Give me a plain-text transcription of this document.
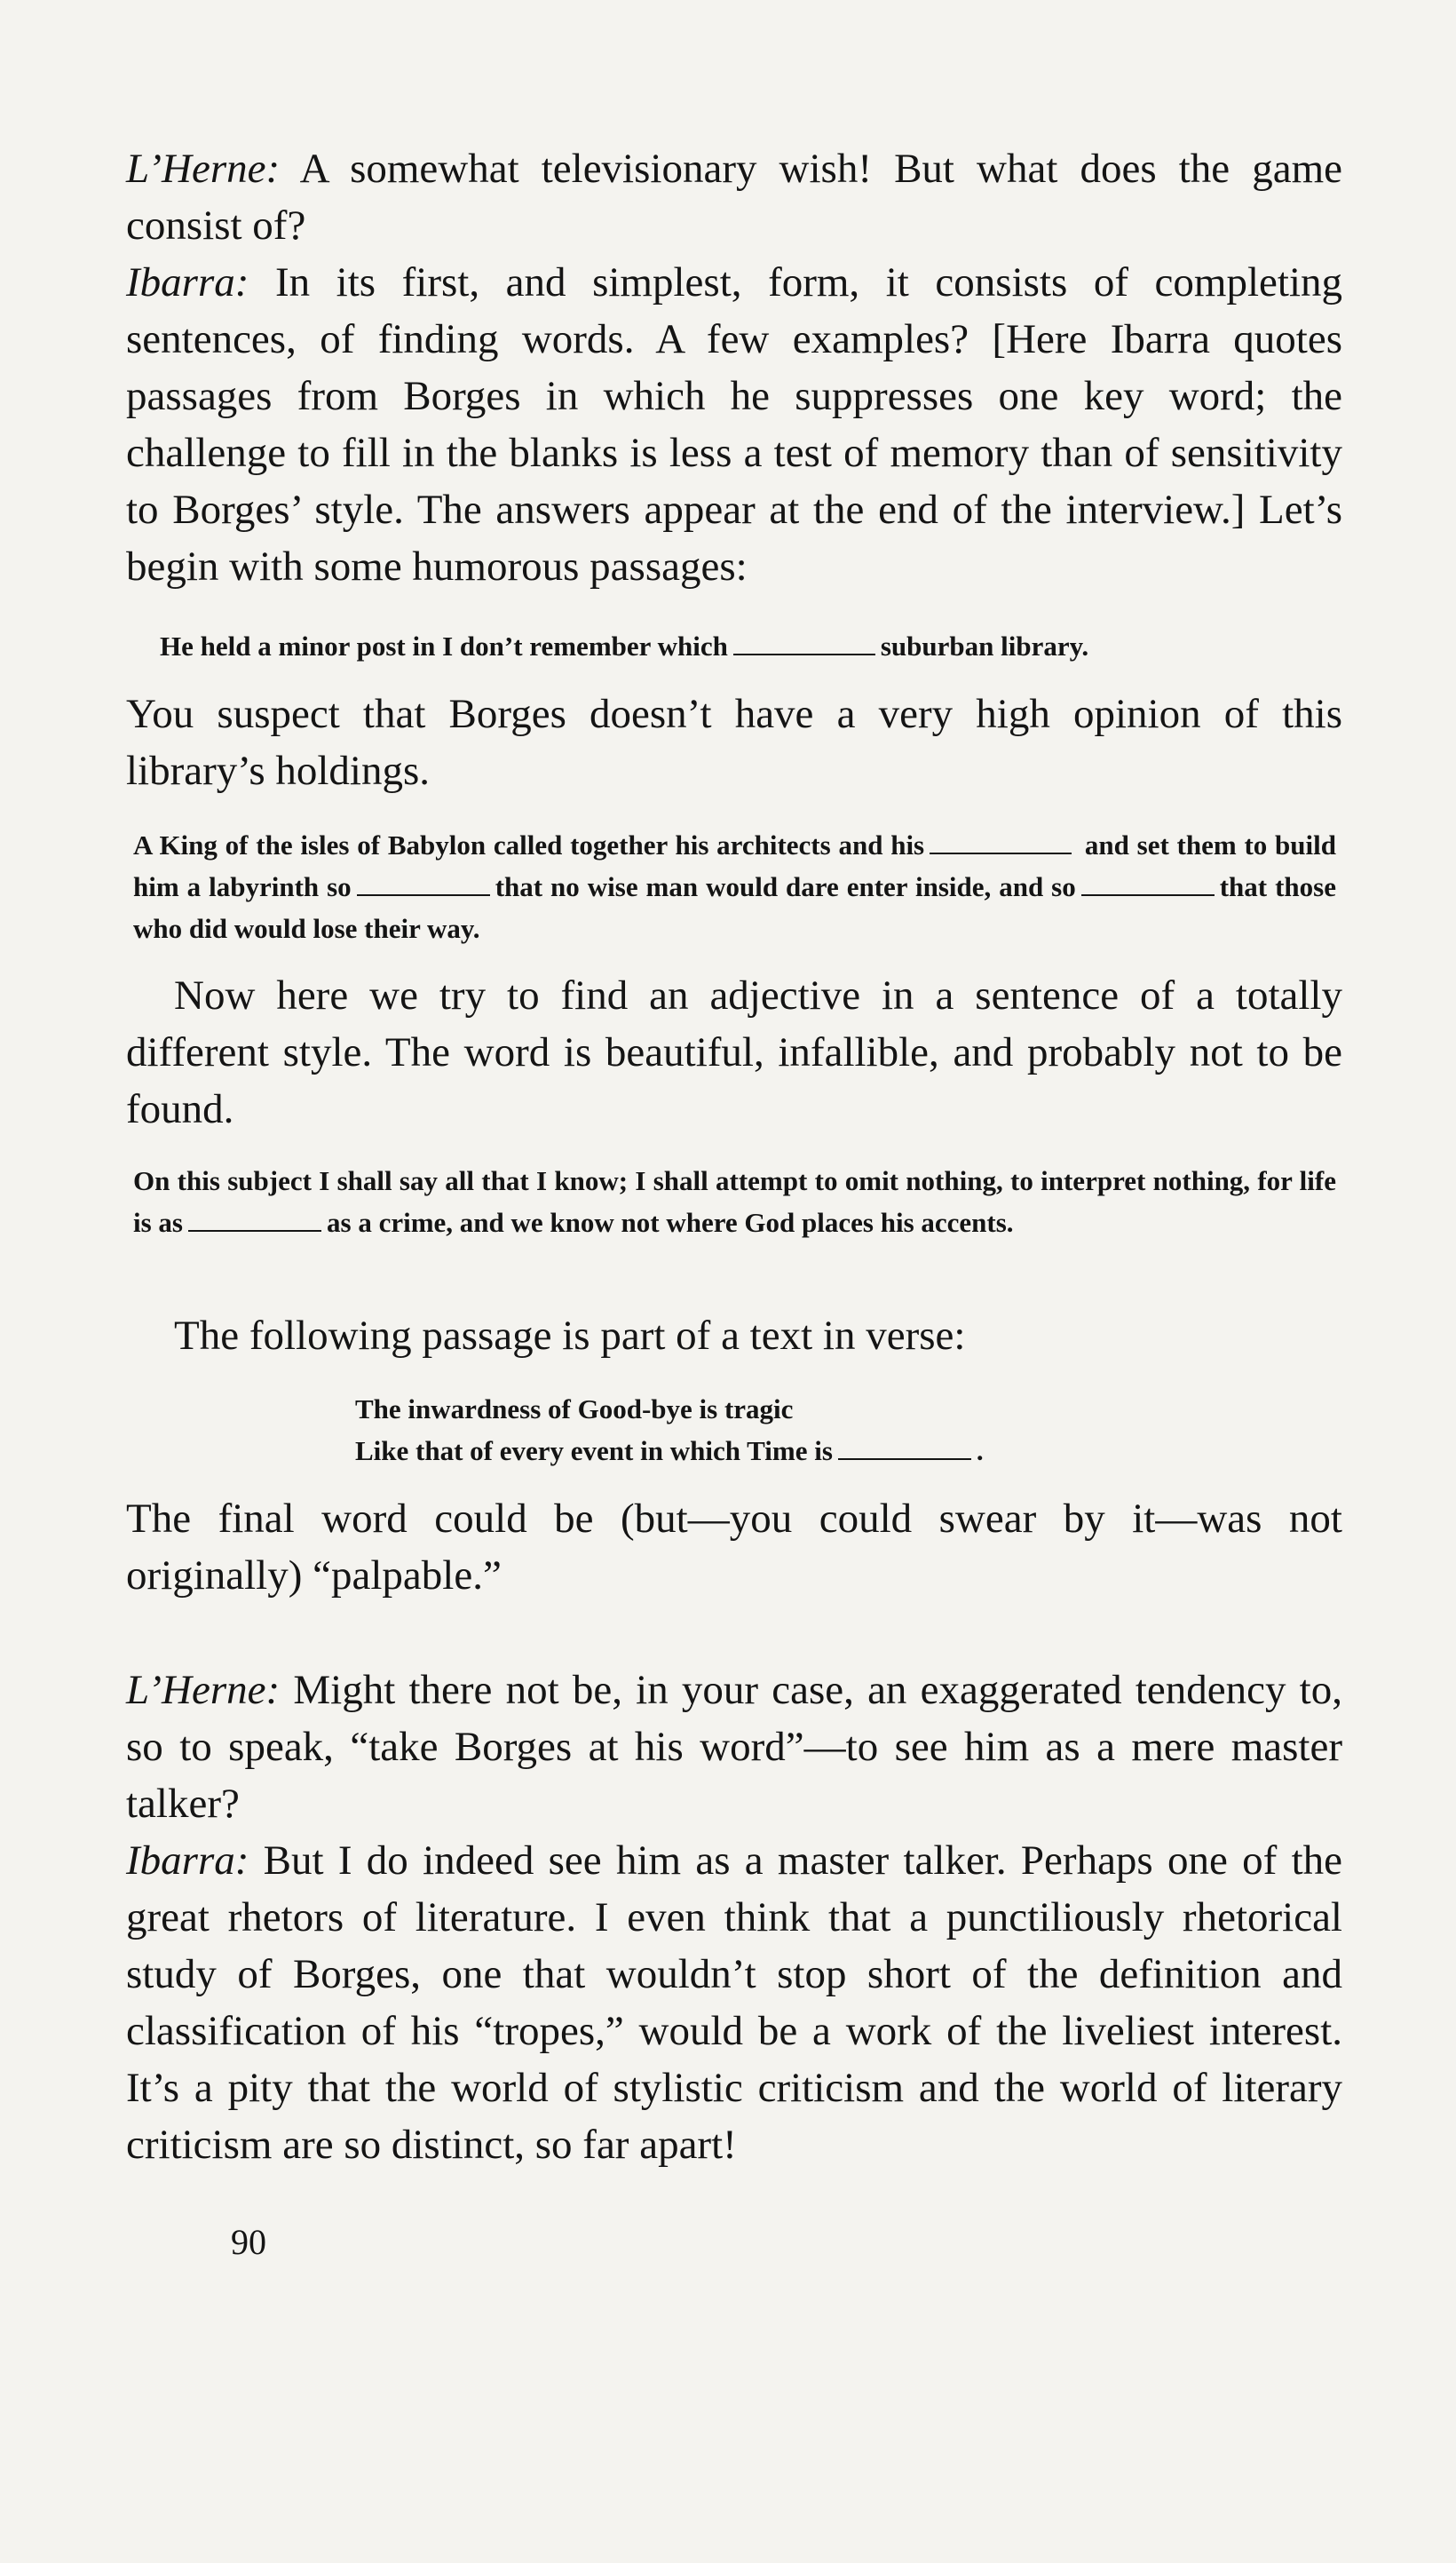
L’Herne: A somewhat televisionary wish! But what does the game consist of?

Ibarra: In its first, and simplest, form, it consists of completing sentences, of finding words. A few examples? [Here Ibarra quotes passages from Borges in which he suppresses one key word; the challenge to fill in the blanks is less a test of memory than of sensitivity to Borges’ style. The answers appear at the end of the interview.] Let’s begin with some humorous passages:

He held a minor post in I don’t remember which	suburban library.

You suspect that Borges doesn’t have a very high opinion of this library’s holdings.

A King of the isles of Babylon called together his architects and his	and set them to build him a labyrinth so	that no wise man would dare enter inside, and so	that those who did would lose their way.

Now here we try to find an adjective in a sentence of a totally different style. The word is beautiful, infallible, and probably not to be found.

On this subject I shall say all that I know; I shall attempt to omit nothing, to interpret nothing, for life is as	as a crime, and we know not where God places his accents.

The following passage is part of a text in verse:

The inwardness of Good-bye is tragic

Like that of every event in which Time is	.

The final word could be (but—you could swear by it—was not originally) “palpable.”

L’Herne: Might there not be, in your case, an exaggerated tendency to, so to speak, “take Borges at his word”—to see him as a mere master talker?

Ibarra: But I do indeed see him as a master talker. Perhaps one of the great rhetors of literature. I even think that a punctiliously rhetorical study of Borges, one that wouldn’t stop short of the definition and classification of his “tropes,” would be a work of the liveliest interest. It’s a pity that the world of stylistic criticism and the world of literary criticism are so distinct, so far apart!

90
